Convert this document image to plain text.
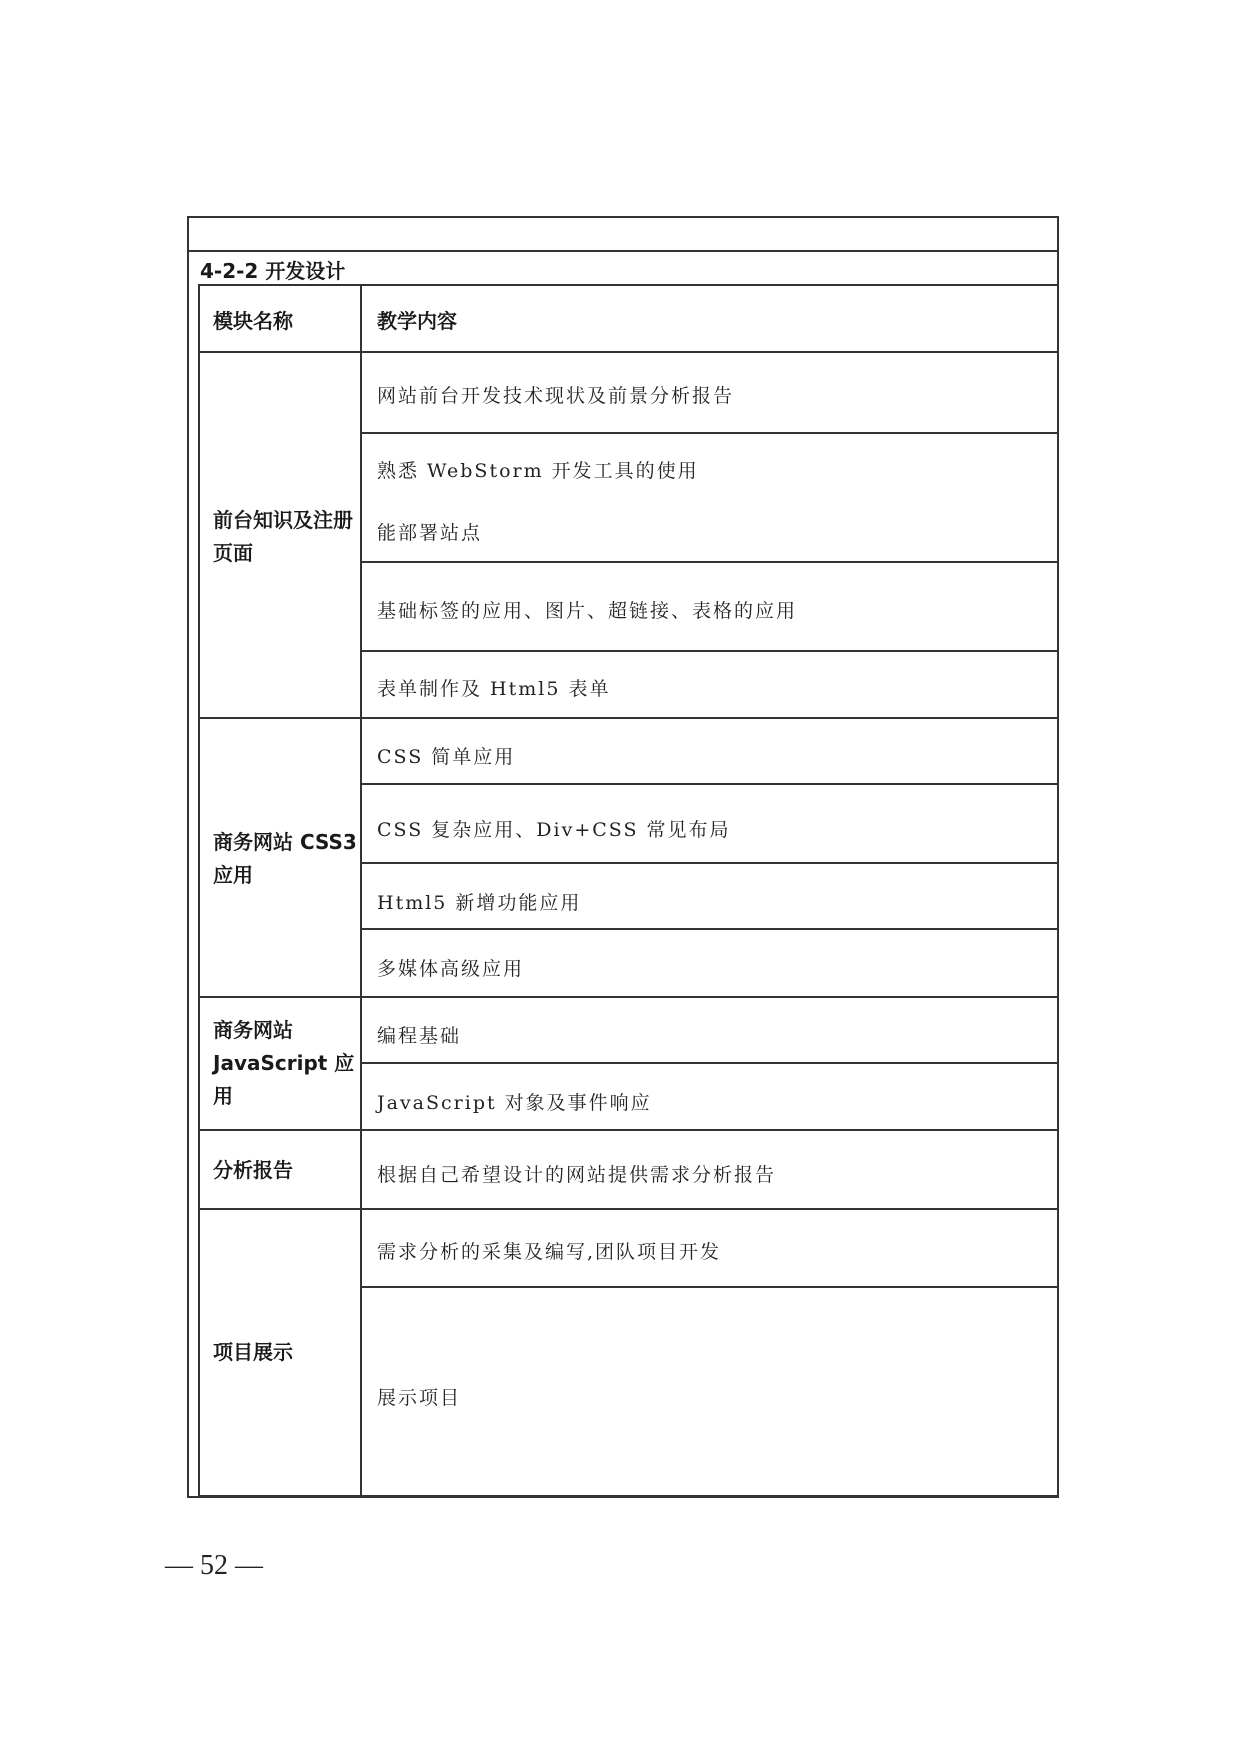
4-2-2 开发设计
模块名称	教学内容
前台知识及注册页面
商务网站 CSS3 应用
商务网站 JavaScript 应用
分析报告
项目展示
网站前台开发技术现状及前景分析报告
熟悉 WebStorm 开发工具的使用
能部署站点
基础标签的应用、图片、超链接、表格的应用
表单制作及 Html5 表单
CSS 简单应用
CSS 复杂应用、Div+CSS 常见布局
Html5 新增功能应用
多媒体高级应用
编程基础
JavaScript 对象及事件响应
根据自己希望设计的网站提供需求分析报告
需求分析的采集及编写,团队项目开发
展示项目
— 52 —
